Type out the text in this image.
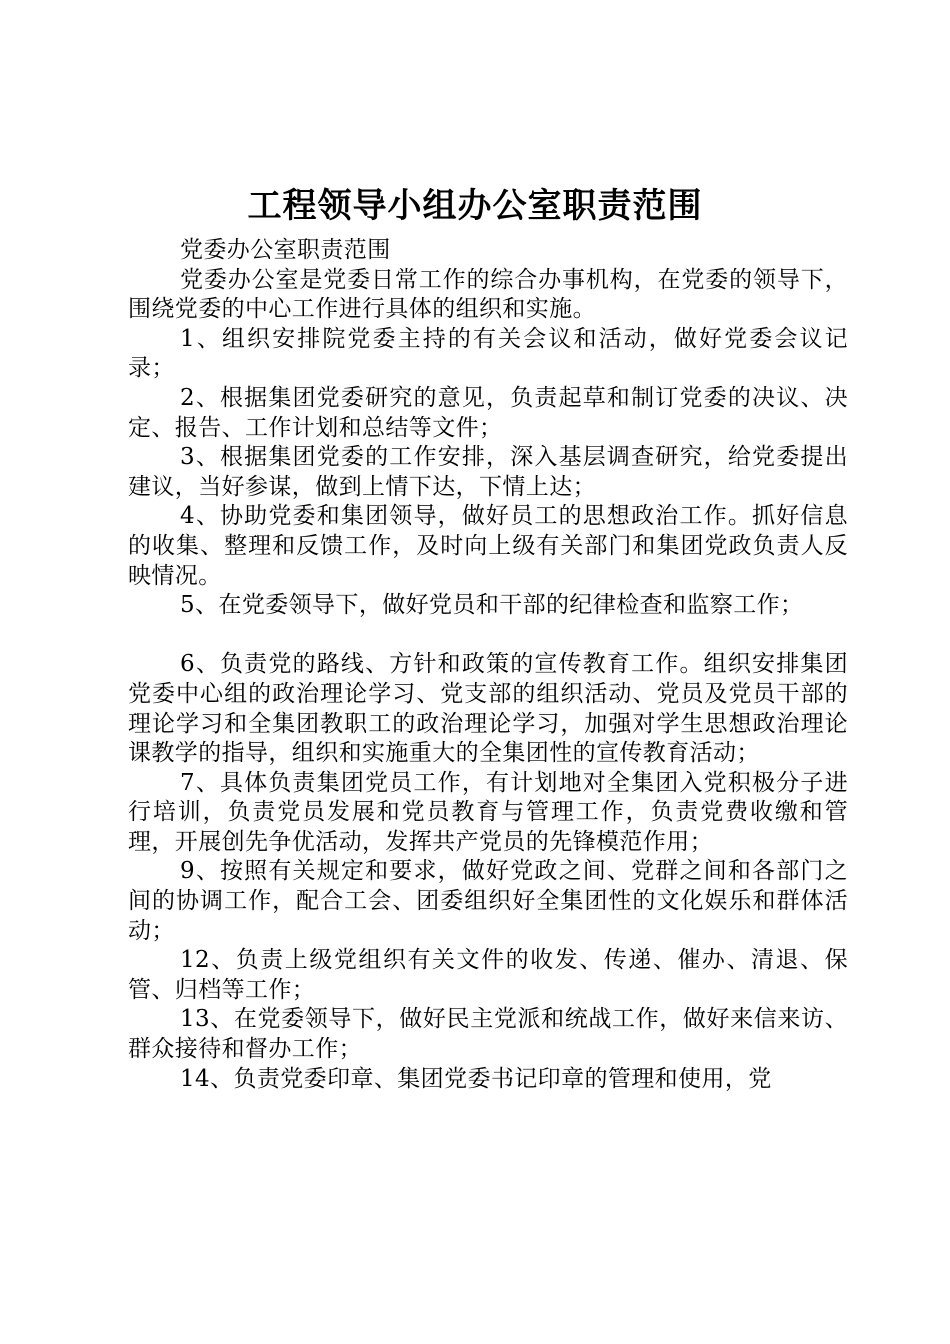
工程领导小组办公室职责范围

党委办公室职责范围

党委办公室是党委日常工作的综合办事机构，在党委的领导下，围绕党委的中心工作进行具体的组织和实施。

1、组织安排院党委主持的有关会议和活动，做好党委会议记录；

2、根据集团党委研究的意见，负责起草和制订党委的决议、决定、报告、工作计划和总结等文件；

3、根据集团党委的工作安排，深入基层调查研究，给党委提出建议，当好参谋，做到上情下达，下情上达；

4、协助党委和集团领导，做好员工的思想政治工作。抓好信息的收集、整理和反馈工作，及时向上级有关部门和集团党政负责人反映情况。

5、在党委领导下，做好党员和干部的纪律检查和监察工作；

6、负责党的路线、方针和政策的宣传教育工作。组织安排集团党委中心组的政治理论学习、党支部的组织活动、党员及党员干部的理论学习和全集团教职工的政治理论学习，加强对学生思想政治理论课教学的指导，组织和实施重大的全集团性的宣传教育活动；

7、具体负责集团党员工作，有计划地对全集团入党积极分子进行培训，负责党员发展和党员教育与管理工作，负责党费收缴和管理，开展创先争优活动，发挥共产党员的先锋模范作用；

9、按照有关规定和要求，做好党政之间、党群之间和各部门之间的协调工作，配合工会、团委组织好全集团性的文化娱乐和群体活动；

12、负责上级党组织有关文件的收发、传递、催办、清退、保管、归档等工作；

13、在党委领导下，做好民主党派和统战工作，做好来信来访、群众接待和督办工作；

14、负责党委印章、集团党委书记印章的管理和使用，党
